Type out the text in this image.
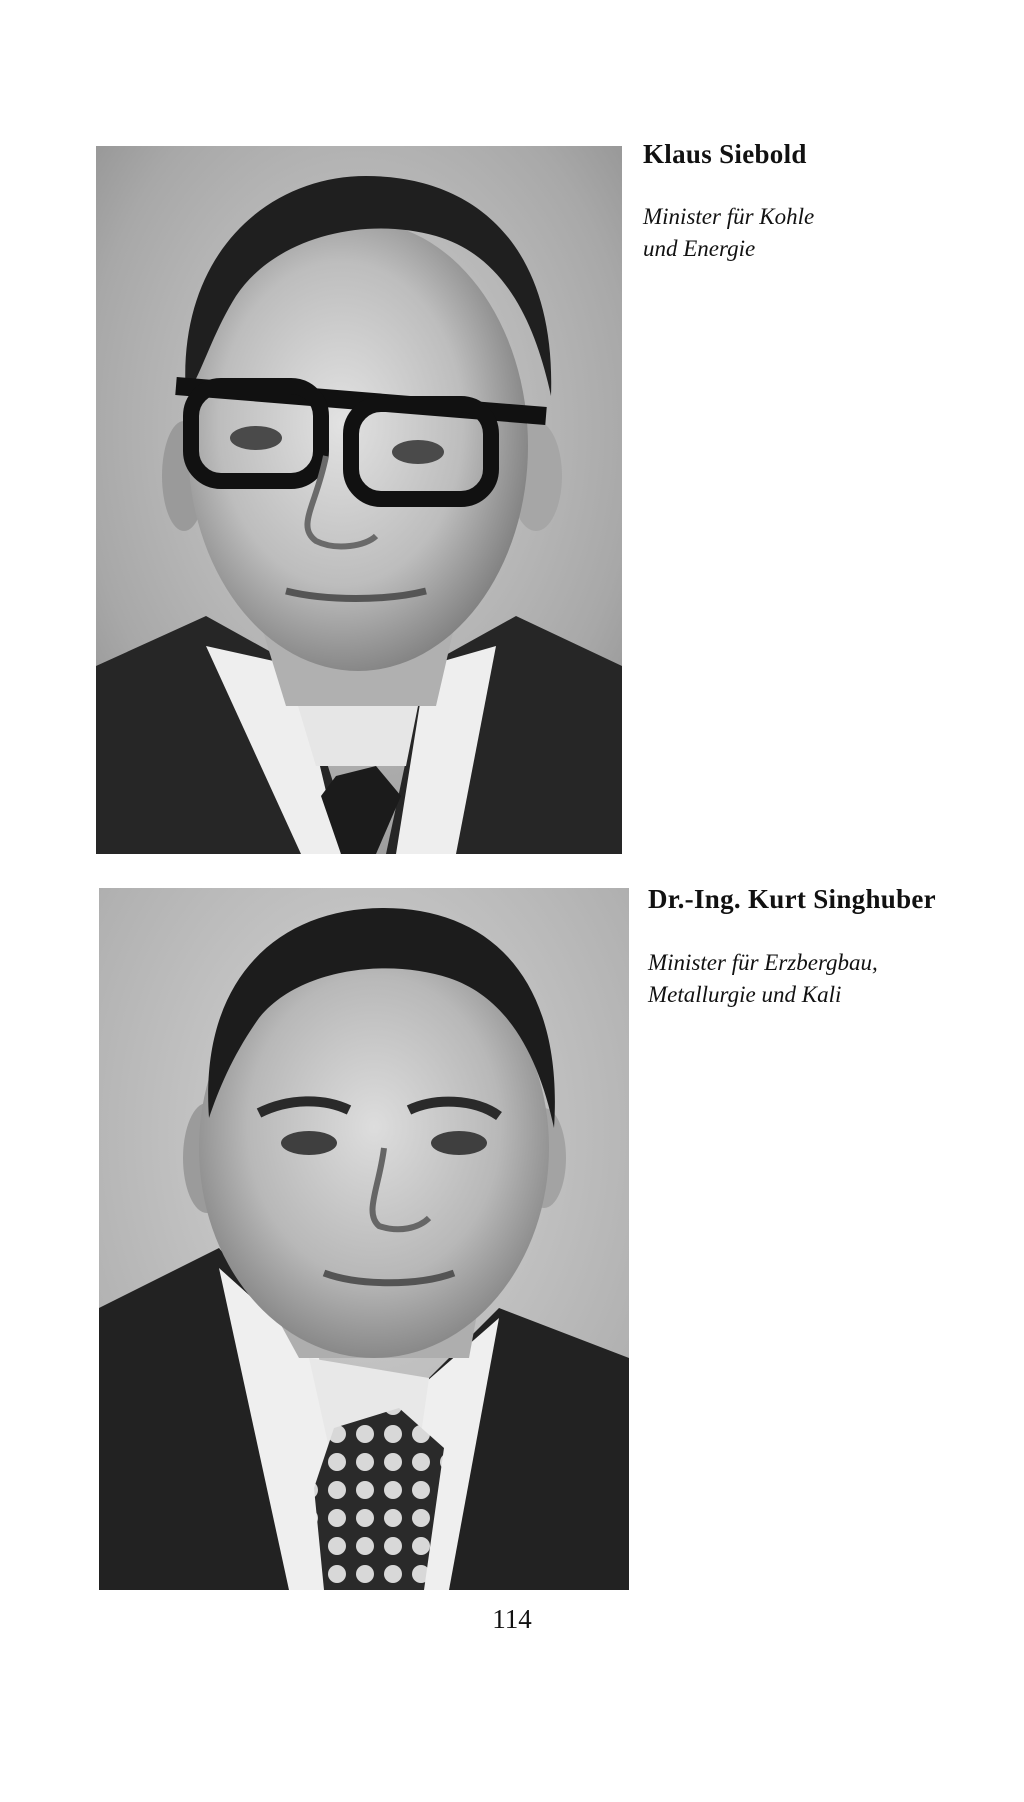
Klaus Siebold

Minister für Kohle
und Energie

Dr.-Ing. Kurt Singhuber

Minister für Erzbergbau,
Metallurgie und Kali

114
